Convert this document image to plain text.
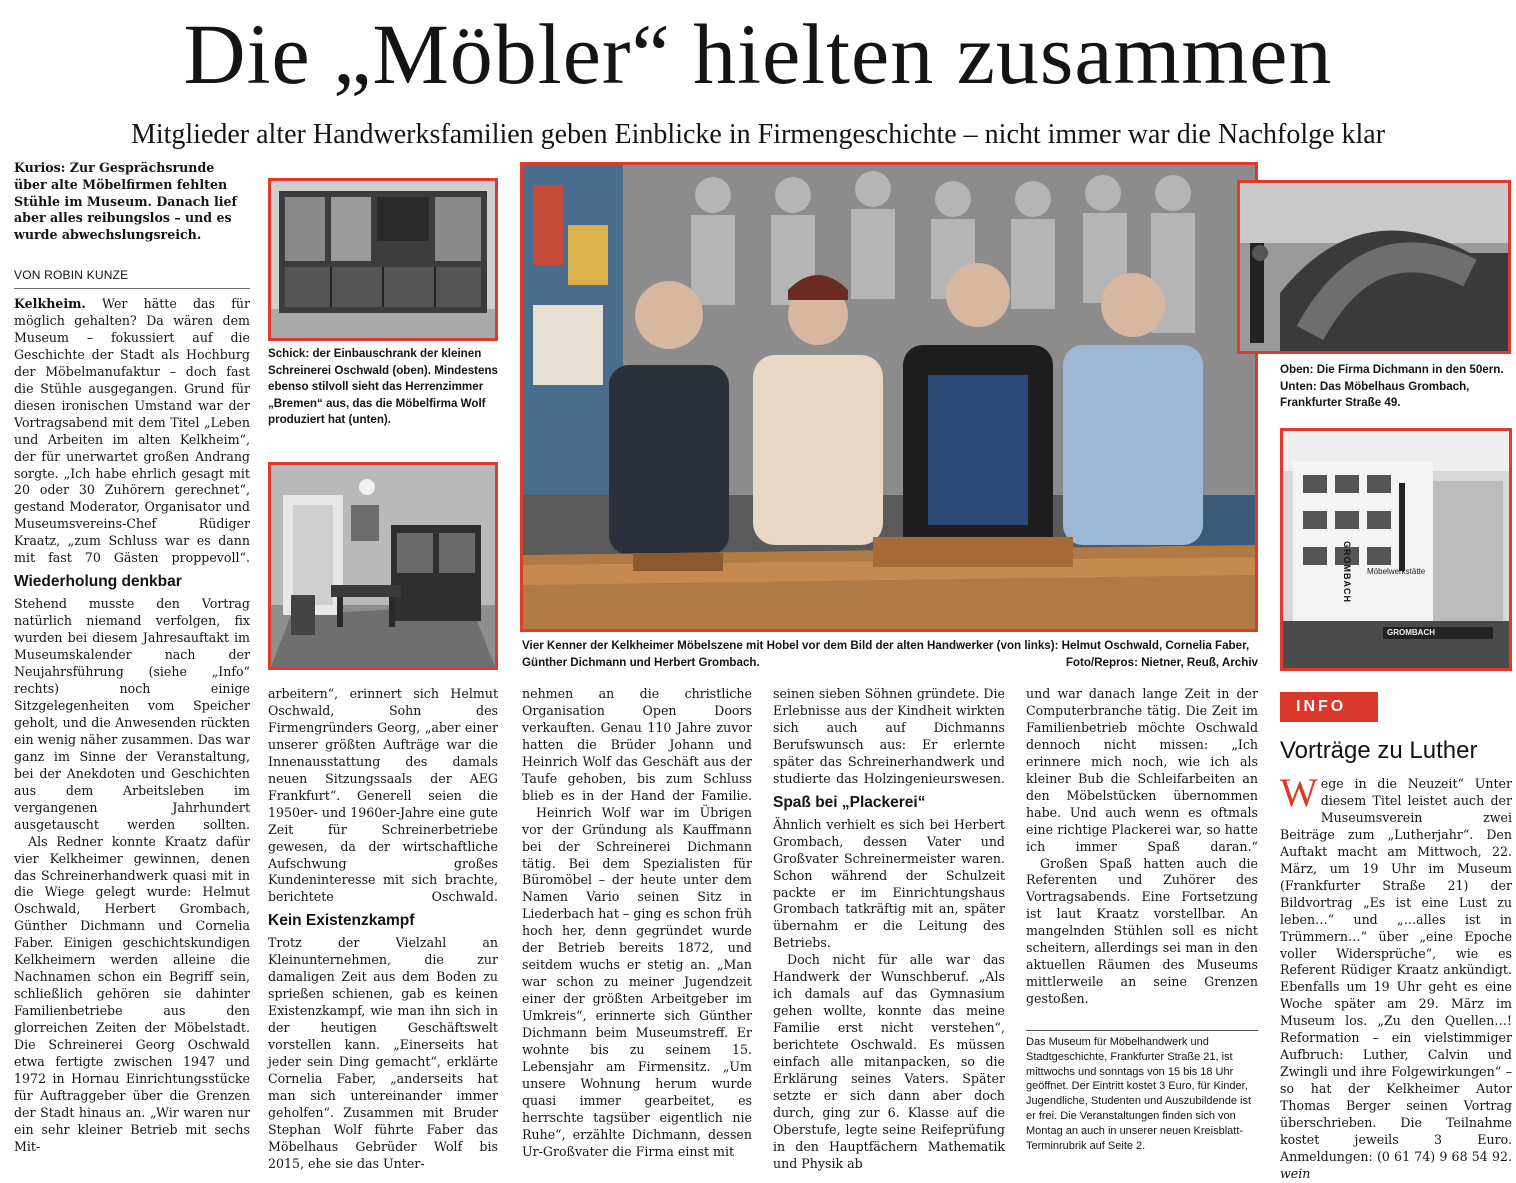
Die „Möbler“ hielten zusammen
Mitglieder alter Handwerksfamilien geben Einblicke in Firmengeschichte – nicht immer war die Nachfolge klar
Kurios: Zur Gesprächsrunde über alte Möbelfirmen fehlten Stühle im Museum. Danach lief aber alles reibungslos – und es wurde abwechslungsreich.
VON ROBIN KUNZE

Kelkheim. Wer hätte das für möglich gehalten? Da wären dem Museum – fokussiert auf die Geschichte der Stadt als Hochburg der Möbelmanufaktur – doch fast die Stühle ausgegangen. Grund für diesen ironischen Umstand war der Vortragsabend mit dem Titel „Leben und Arbeiten im alten Kelkheim“, der für unerwartet großen Andrang sorgte. „Ich habe ehrlich gesagt mit 20 oder 30 Zuhörern gerechnet“, gestand Moderator, Organisator und Museumsvereins-Chef Rüdiger Kraatz, „zum Schluss war es dann mit fast 70 Gästen proppevoll“.

Wiederholung denkbar

Stehend musste den Vortrag natürlich niemand verfolgen, fix wurden bei diesem Jahresauftakt im Museumskalender nach der Neujahrsführung (siehe „Info“ rechts) noch einige Sitzgelegenheiten vom Speicher geholt, und die Anwesenden rückten ein wenig näher zusammen. Das war ganz im Sinne der Veranstaltung, bei der Anekdoten und Geschichten aus dem Arbeitsleben im vergangenen Jahrhundert ausgetauscht werden sollten.

Als Redner konnte Kraatz dafür vier Kelkheimer gewinnen, denen das Schreinerhandwerk quasi mit in die Wiege gelegt wurde: Helmut Oschwald, Herbert Grombach, Günther Dichmann und Cornelia Faber. Einigen geschichtskundigen Kelkheimern werden alleine die Nachnamen schon ein Begriff sein, schließlich gehören sie dahinter Familienbetriebe aus den glorreichen Zeiten der Möbelstadt. Die Schreinerei Georg Oschwald etwa fertigte zwischen 1947 und 1972 in Hornau Einrichtungsstücke für Auftraggeber über die Grenzen der Stadt hinaus an. „Wir waren nur ein sehr kleiner Betrieb mit sechs Mit-

Schick: der Einbauschrank der kleinen Schreinerei Oschwald (oben). Mindestens ebenso stilvoll sieht das Herrenzimmer „Bremen“ aus, das die Möbelfirma Wolf produziert hat (unten).
Vier Kenner der Kelkheimer Möbelszene mit Hobel vor dem Bild der alten Handwerker (von links): Helmut Oschwald, Cornelia Faber, Günther Dichmann und Herbert Grombach.	Foto/Repros: Nietner, Reuß, Archiv
Oben: Die Firma Dichmann in den 50ern. Unten: Das Möbelhaus Grombach, Frankfurter Straße 49.
GROMBACH Möbelwerkstätte
GROMBACH

arbeitern“, erinnert sich Helmut Oschwald, Sohn des Firmengründers Georg, „aber einer unserer größten Aufträge war die Innenausstattung des damals neuen Sitzungssaals der AEG Frankfurt“. Generell seien die 1950er- und 1960er-Jahre eine gute Zeit für Schreinerbetriebe gewesen, da der wirtschaftliche Aufschwung großes Kundeninteresse mit sich brachte, berichtete Oschwald.

Kein Existenzkampf

Trotz der Vielzahl an Kleinunternehmen, die zur damaligen Zeit aus dem Boden zu sprießen schienen, gab es keinen Existenzkampf, wie man ihn sich in der heutigen Geschäftswelt vorstellen kann. „Einerseits hat jeder sein Ding gemacht“, erklärte Cornelia Faber, „anderseits hat man sich untereinander immer geholfen“. Zusammen mit Bruder Stephan Wolf führte Faber das Möbelhaus Gebrüder Wolf bis 2015, ehe sie das Unter-

nehmen an die christliche Organisation Open Doors verkauften. Genau 110 Jahre zuvor hatten die Brüder Johann und Heinrich Wolf das Geschäft aus der Taufe gehoben, bis zum Schluss blieb es in der Hand der Familie.

Heinrich Wolf war im Übrigen vor der Gründung als Kauffmann bei der Schreinerei Dichmann tätig. Bei dem Spezialisten für Büromöbel – der heute unter dem Namen Vario seinen Sitz in Liederbach hat – ging es schon früh hoch her, denn gegründet wurde der Betrieb bereits 1872, und seitdem wuchs er stetig an. „Man war schon zu meiner Jugendzeit einer der größten Arbeitgeber im Umkreis“, erinnerte sich Günther Dichmann beim Museumstreff. Er wohnte bis zu seinem 15. Lebensjahr am Firmensitz. „Um unsere Wohnung herum wurde quasi immer gearbeitet, es herrschte tagsüber eigentlich nie Ruhe“, erzählte Dichmann, dessen Ur-Großvater die Firma einst mit

seinen sieben Söhnen gründete. Die Erlebnisse aus der Kindheit wirkten sich auch auf Dichmanns Berufswunsch aus: Er erlernte später das Schreinerhandwerk und studierte das Holzingenieurswesen.

Spaß bei „Plackerei“

Ähnlich verhielt es sich bei Herbert Grombach, dessen Vater und Großvater Schreinermeister waren. Schon während der Schulzeit packte er im Einrichtungshaus Grombach tatkräftig mit an, später übernahm er die Leitung des Betriebs.

Doch nicht für alle war das Handwerk der Wunschberuf. „Als ich damals auf das Gymnasium gehen wollte, konnte das meine Familie erst nicht verstehen“, berichtete Oschwald. Es müssen einfach alle mitanpacken, so die Erklärung seines Vaters. Später setzte er sich dann aber doch durch, ging zur 6. Klasse auf die Oberstufe, legte seine Reifeprüfung in den Hauptfächern Mathematik und Physik ab

und war danach lange Zeit in der Computerbranche tätig. Die Zeit im Familienbetrieb möchte Oschwald dennoch nicht missen: „Ich erinnere mich noch, wie ich als kleiner Bub die Schleifarbeiten an den Möbelstücken übernommen habe. Und auch wenn es oftmals eine richtige Plackerei war, so hatte ich immer Spaß daran.“

Großen Spaß hatten auch die Referenten und Zuhörer des Vortragsabends. Eine Fortsetzung ist laut Kraatz vorstellbar. An mangelnden Stühlen soll es nicht scheitern, allerdings sei man in den aktuellen Räumen des Museums mittlerweile an seine Grenzen gestoßen.

Das Museum für Möbelhandwerk und Stadtgeschichte, Frankfurter Straße 21, ist mittwochs und sonntags von 15 bis 18 Uhr geöffnet. Der Eintritt kostet 3 Euro, für Kinder, Jugendliche, Studenten und Auszubildende ist er frei. Die Veranstaltungen finden sich von Montag an auch in unserer neuen Kreisblatt-Terminrubrik auf Seite 2.
INFO
Vorträge zu Luther

Wege in die Neuzeit“ Unter diesem Titel leistet auch der Museumsverein zwei Beiträge zum „Lutherjahr“. Den Auftakt macht am Mittwoch, 22. März, um 19 Uhr im Museum (Frankfurter Straße 21) der Bildvortrag „Es ist eine Lust zu leben…“ und „…alles ist in Trümmern…“ über „eine Epoche voller Widersprüche“, wie es Referent Rüdiger Kraatz ankündigt. Ebenfalls um 19 Uhr geht es eine Woche später am 29. März im Museum los. „Zu den Quellen…! Reformation – ein vielstimmiger Aufbruch: Luther, Calvin und Zwingli und ihre Folgewirkungen“ – so hat der Kelkheimer Autor Thomas Berger seinen Vortrag überschrieben. Die Teilnahme kostet jeweils 3 Euro. Anmeldungen: (0 61 74) 9 68 54 92. wein
